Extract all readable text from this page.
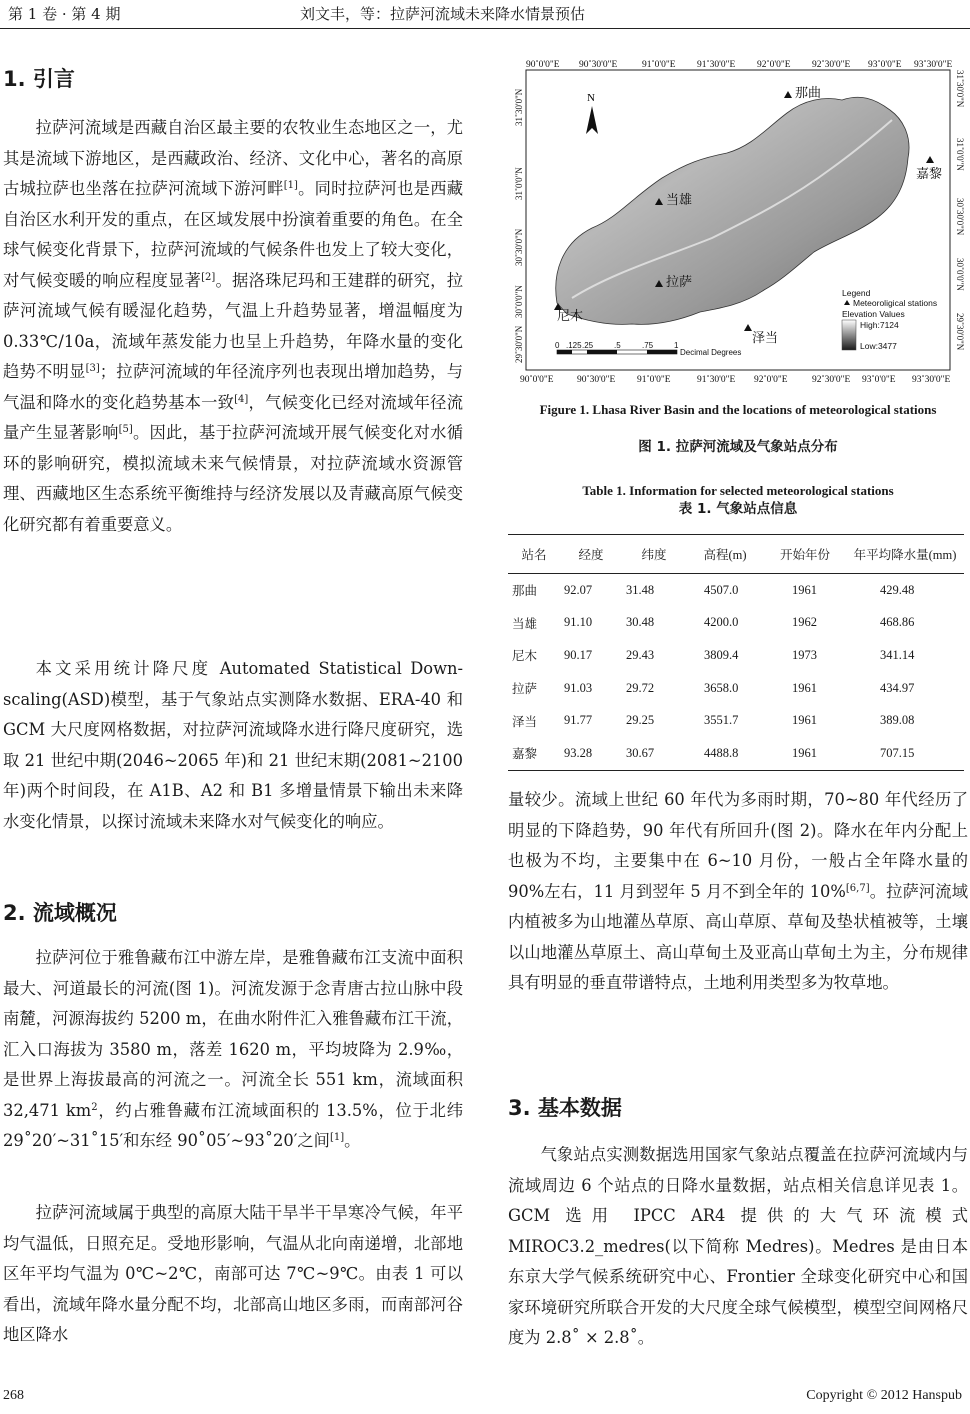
第 1 卷 · 第 4 期	刘文丰，等：拉萨河流域未来降水情景预估
1. 引言

拉萨河流域是西藏自治区最主要的农牧业生态地区之一，尤其是流域下游地区，是西藏政治、经济、文化中心，著名的高原古城拉萨也坐落在拉萨河流域下游河畔[1]。同时拉萨河也是西藏自治区水利开发的重点，在区域发展中扮演着重要的角色。在全球气候变化背景下，拉萨河流域的气候条件也发上了较大变化，对气候变暖的响应程度显著[2]。据洛珠尼玛和王建群的研究，拉萨河流域气候有暖湿化趋势，气温上升趋势显著，增温幅度为 0.33℃/10a，流域年蒸发能力也呈上升趋势，年降水量的变化趋势不明显[3]；拉萨河流域的年径流序列也表现出增加趋势，与气温和降水的变化趋势基本一致[4]，气候变化已经对流域年径流量产生显著影响[5]。因此，基于拉萨河流域开展气候变化对水循环的影响研究，模拟流域未来气候情景，对拉萨流域水资源管理、西藏地区生态系统平衡维持与经济发展以及青藏高原气候变化研究都有着重要意义。

本文采用统计降尺度 Automated Statistical Down-scaling(ASD)模型，基于气象站点实测降水数据、ERA-40 和 GCM 大尺度网格数据，对拉萨河流域降水进行降尺度研究，选取 21 世纪中期(2046~2065 年)和 21 世纪末期(2081~2100 年)两个时间段，在 A1B、A2 和 B1 多增量情景下输出未来降水变化情景，以探讨流域未来降水对气候变化的响应。

2. 流域概况

拉萨河位于雅鲁藏布江中游左岸，是雅鲁藏布江支流中面积最大、河道最长的河流(图 1)。河流发源于念青唐古拉山脉中段南麓，河源海拔约 5200 m，在曲水附件汇入雅鲁藏布江干流，汇入口海拔为 3580 m，落差 1620 m，平均坡降为 2.9‰，是世界上海拔最高的河流之一。河流全长 551 km，流域面积 32,471 $km^2$，约占雅鲁藏布江流域面积的 13.5%，位于北纬 29˚20′~31˚15′和东经 90˚05′~93˚20′之间[1]。

拉萨河流域属于典型的高原大陆干旱半干旱寒冷气候，年平均气温低，日照充足。受地形影响，气温从北向南递增，北部地区年平均气温为 0℃~2℃，南部可达 7℃~9℃。由表 1 可以看出，流域年降水量分配不均，北部高山地区多雨，而南部河谷地区降水

N
90˚0'0"E 90˚30'0"E	91˚0'0"E 91˚30'0"E 92˚0'0"E 92˚30'0"E 93˚0'0"E 93˚30'0"E
90˚0'0"E 90˚30'0"E 91˚0'0"E	91˚30'0"E 92˚0'0"E	92˚30'0"E 93˚0'0"E 93˚30'0"E
31˚30'0"N
31˚0'0"N
30˚30'0"N
30˚0'0"N
29˚30'0"N
31˚30'0"N
31˚0'0"N
30˚30'0"N
30˚0'0"N
29˚30'0"N
那曲
当雄
拉萨
尼木
泽当
嘉黎
Legend
Meteoroligical stations
Elevation Values
High:7124
Low:3477
0 .125 .25	.5	.75	1
Decimal Degrees

Figure 1. Lhasa River Basin and the locations of meteorological stations

图 1. 拉萨河流域及气象站点分布

Table 1. Information for selected meteorological stations

表 1. 气象站点信息

站名	经度	纬度	高程(m)	开始年份	年平均降水量(mm)
那曲	92.07	31.48	4507.0	1961	429.48
当雄	91.10	30.48	4200.0	1962	468.86
尼木	90.17	29.43	3809.4	1973	341.14
拉萨	91.03	29.72	3658.0	1961	434.97
泽当	91.77	29.25	3551.7	1961	389.08
嘉黎	93.28	30.67	4488.8	1961	707.15

量较少。流域上世纪 60 年代为多雨时期，70~80 年代经历了明显的下降趋势，90 年代有所回升(图 2)。降水在年内分配上也极为不均，主要集中在 6~10 月份，一般占全年降水量的 90%左右，11 月到翌年 5 月不到全年的 10%[6,7]。拉萨河流域内植被多为山地灌丛草原、高山草原、草甸及垫状植被等，土壤以山地灌丛草原土、高山草甸土及亚高山草甸土为主，分布规律具有明显的垂直带谱特点，土地利用类型多为牧草地。

3. 基本数据

气象站点实测数据选用国家气象站点覆盖在拉萨河流域内与流域周边 6 个站点的日降水量数据，站点相关信息详见表 1。GCM 选用 IPCC AR4 提供的大气环流模式 MIROC3.2_medres(以下简称 Medres)。Medres 是由日本东京大学气候系统研究中心、Frontier 全球变化研究中心和国家环境研究所联合开发的大尺度全球气候模型，模型空间网格尺度为 2.8˚ × 2.8˚。

268	Copyright © 2012 Hanspub
